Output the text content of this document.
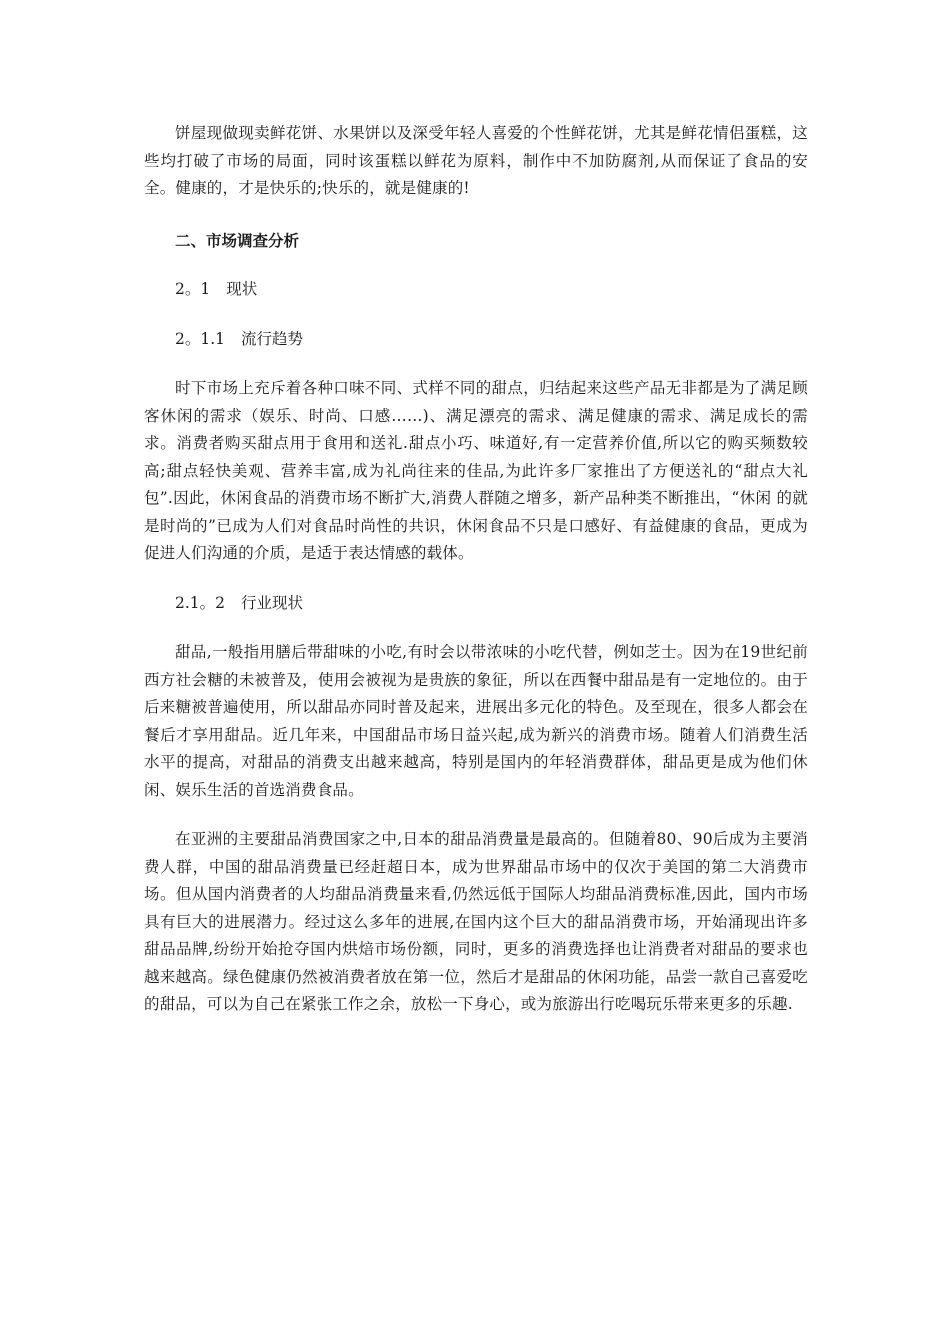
饼屋现做现卖鲜花饼、水果饼以及深受年轻人喜爱的个性鲜花饼，尤其是鲜花情侣蛋糕，这些均打破了市场的局面，同时该蛋糕以鲜花为原料，制作中不加防腐剂,从而保证了食品的安全。健康的，才是快乐的;快乐的，就是健康的!

二、市场调查分析

2。1 现状

2。1.1 流行趋势

时下市场上充斥着各种口味不同、式样不同的甜点，归结起来这些产品无非都是为了满足顾客休闲的需求（娱乐、时尚、口感……)、满足漂亮的需求、满足健康的需求、满足成长的需求。消费者购买甜点用于食用和送礼.甜点小巧、味道好,有一定营养价值,所以它的购买频数较高;甜点轻快美观、营养丰富,成为礼尚往来的佳品,为此许多厂家推出了方便送礼的“甜点大礼包”.因此，休闲食品的消费市场不断扩大,消费人群随之增多，新产品种类不断推出，“休闲 的就是时尚的”已成为人们对食品时尚性的共识，休闲食品不只是口感好、有益健康的食品，更成为促进人们沟通的介质，是适于表达情感的载体。

2.1。2 行业现状

甜品,一般指用膳后带甜味的小吃,有时会以带浓味的小吃代替，例如芝士。因为在19世纪前西方社会糖的未被普及，使用会被视为是贵族的象征，所以在西餐中甜品是有一定地位的。由于后来糖被普遍使用，所以甜品亦同时普及起来，进展出多元化的特色。及至现在，很多人都会在餐后才享用甜品。近几年来，中国甜品市场日益兴起,成为新兴的消费市场。随着人们消费生活水平的提高，对甜品的消费支出越来越高，特别是国内的年轻消费群体，甜品更是成为他们休闲、娱乐生活的首选消费食品。

在亚洲的主要甜品消费国家之中,日本的甜品消费量是最高的。但随着80、90后成为主要消费人群，中国的甜品消费量已经赶超日本，成为世界甜品市场中的仅次于美国的第二大消费市场。但从国内消费者的人均甜品消费量来看,仍然远低于国际人均甜品消费标准,因此，国内市场具有巨大的进展潜力。经过这么多年的进展,在国内这个巨大的甜品消费市场，开始涌现出许多甜品品牌,纷纷开始抢夺国内烘焙市场份额，同时，更多的消费选择也让消费者对甜品的要求也越来越高。绿色健康仍然被消费者放在第一位，然后才是甜品的休闲功能，品尝一款自己喜爱吃的甜品，可以为自己在紧张工作之余，放松一下身心，或为旅游出行吃喝玩乐带来更多的乐趣.
